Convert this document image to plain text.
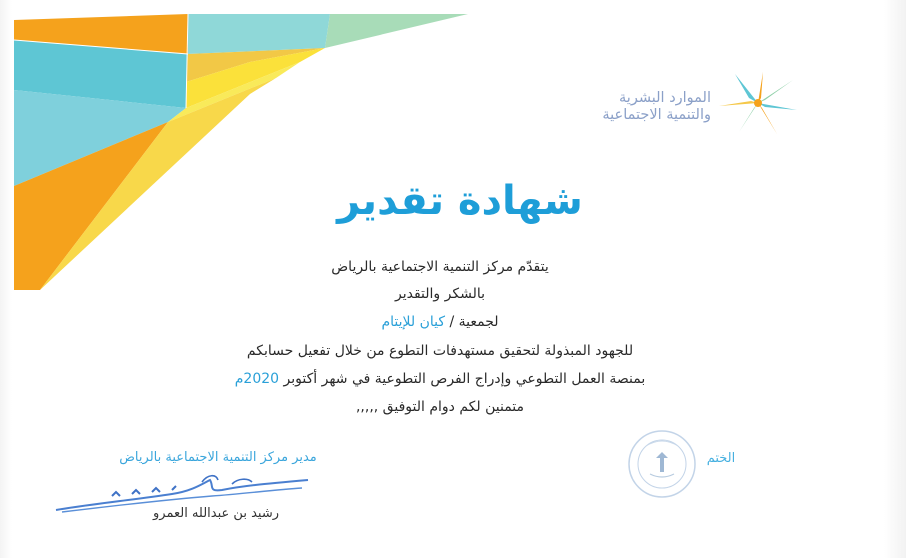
الموارد البشرية
والتنمية الاجتماعية
شهادة تقدير
يتقدّم مركز التنمية الاجتماعية بالرياض
بالشكر والتقدير
لجمعية / كيان للإيتام
للجهود المبذولة لتحقيق مستهدفات التطوع من خلال تفعيل حسابكم
بمنصة العمل التطوعي وإدراج الفرص التطوعية في شهر أكتوبر 2020م
متمنين لكم دوام التوفيق ,,,,,
الختم
مدير مركز التنمية الاجتماعية بالرياض
رشيد بن عبدالله العمرو
